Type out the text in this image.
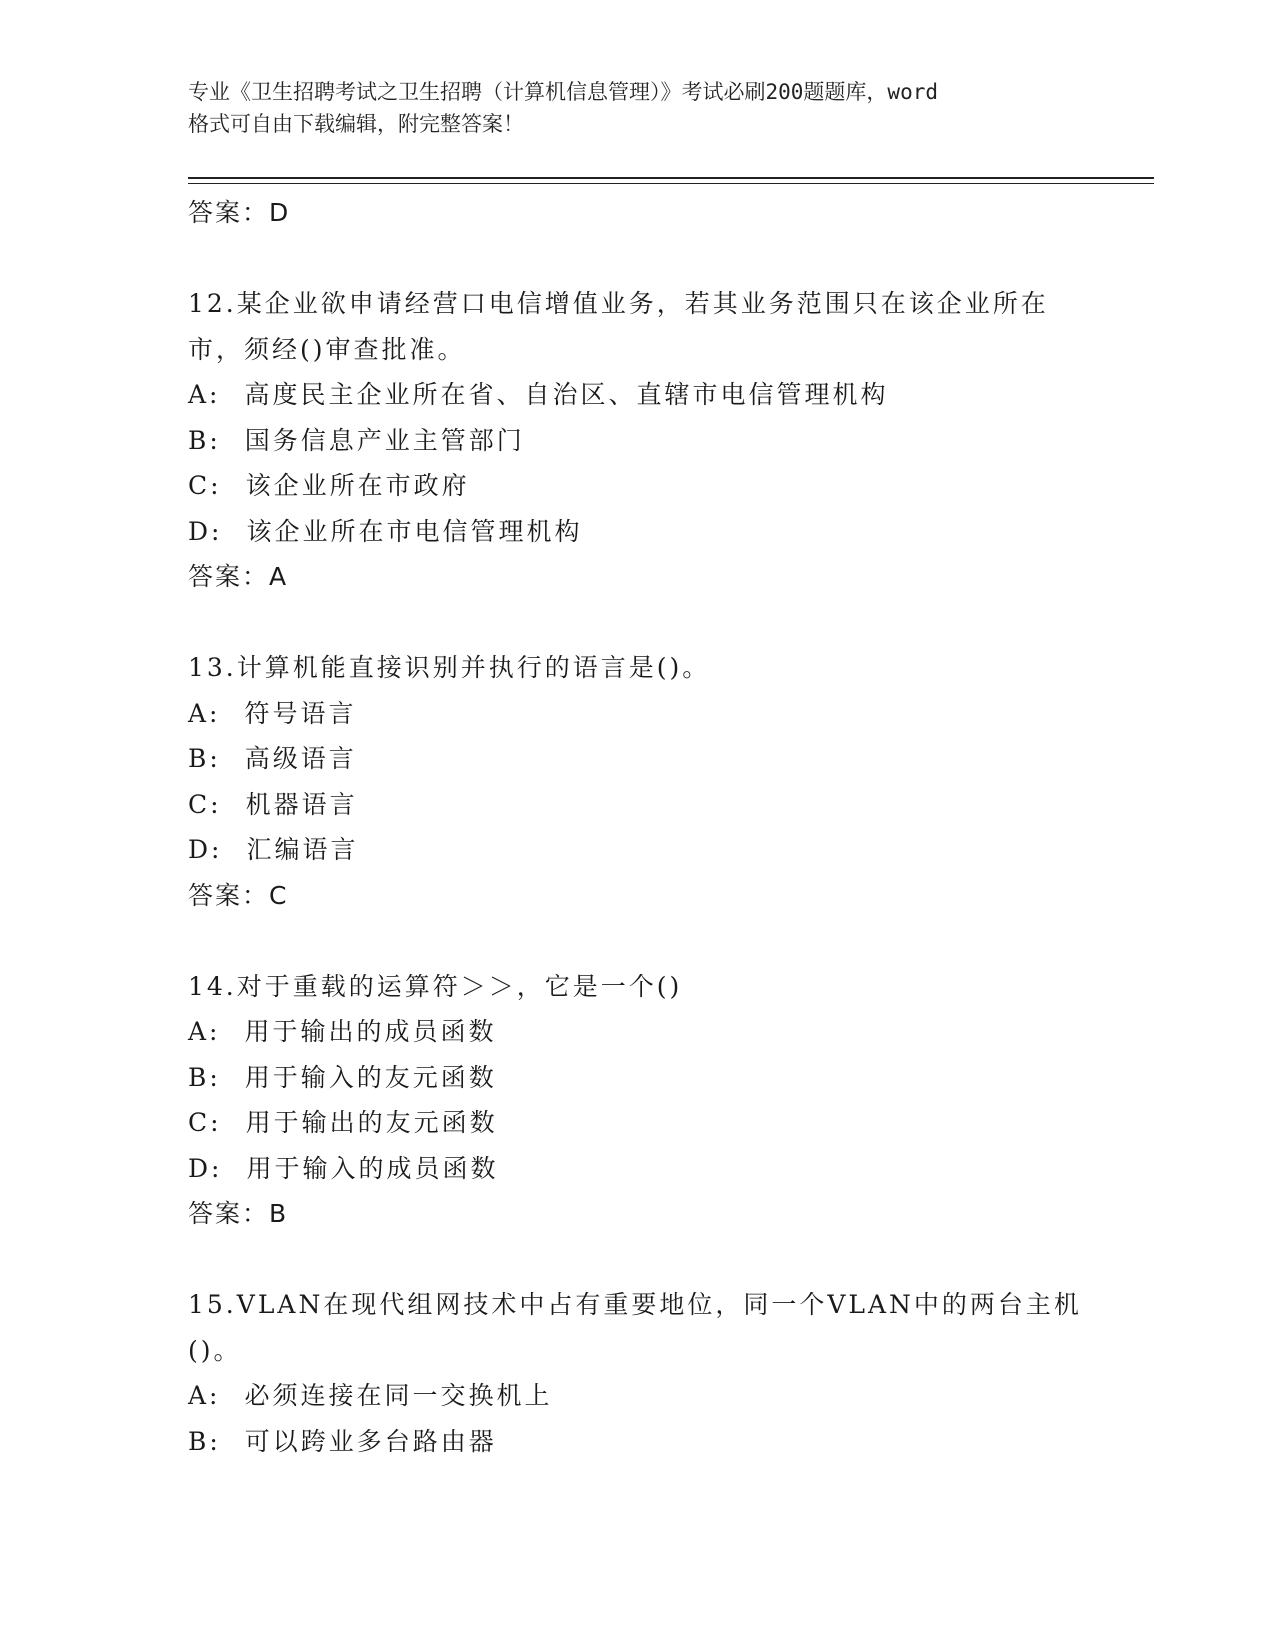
专业《卫生招聘考试之卫生招聘（计算机信息管理）》考试必刷200题题库，word
格式可自由下载编辑，附完整答案！
答案：D
12.某企业欲申请经营口电信增值业务，若其业务范围只在该企业所在
市，须经()审查批准。
A: 高度民主企业所在省、自治区、直辖市电信管理机构
B: 国务信息产业主管部门
C: 该企业所在市政府
D: 该企业所在市电信管理机构
答案：A
13.计算机能直接识别并执行的语言是()。
A: 符号语言
B: 高级语言
C: 机器语言
D: 汇编语言
答案：C
14.对于重载的运算符＞＞，它是一个()
A: 用于输出的成员函数
B: 用于输入的友元函数
C: 用于输出的友元函数
D: 用于输入的成员函数
答案：B
15.VLAN在现代组网技术中占有重要地位，同一个VLAN中的两台主机
()。
A: 必须连接在同一交换机上
B: 可以跨业多台路由器
